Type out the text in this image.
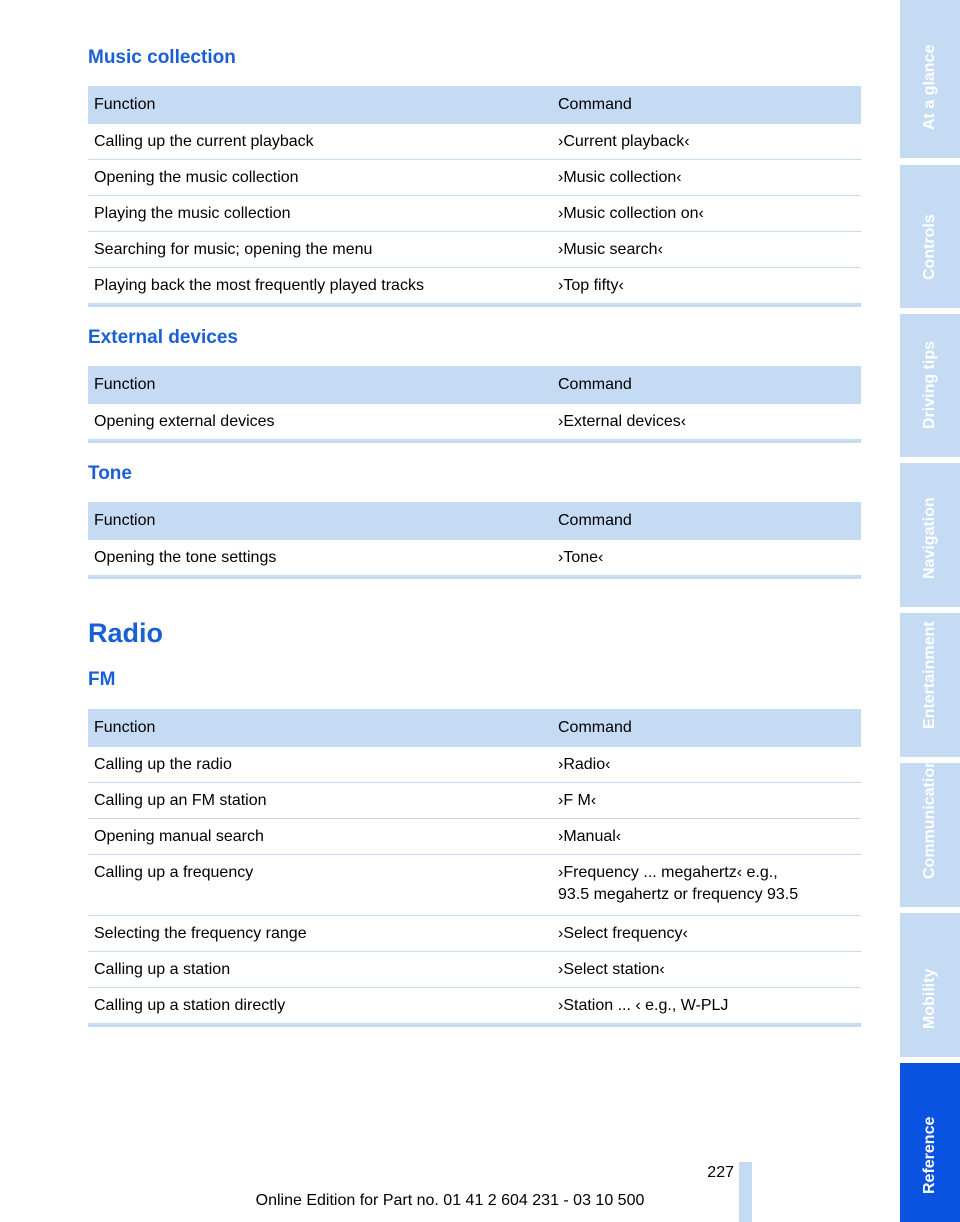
Music collection
Function	Command
Calling up the current playback	›Current playback‹
Opening the music collection	›Music collection‹
Playing the music collection	›Music collection on‹
Searching for music; opening the menu	›Music search‹
Playing back the most frequently played tracks	›Top fifty‹
External devices
Function	Command
Opening external devices	›External devices‹
Tone
Function	Command
Opening the tone settings	›Tone‹
Radio
FM
Function	Command
Calling up the radio	›Radio‹
Calling up an FM station	›F M‹
Opening manual search	›Manual‹
Calling up a frequency	›Frequency ... megahertz‹ e.g.,
93.5 megahertz or frequency 93.5
Selecting the frequency range	›Select frequency‹
Calling up a station	›Select station‹
Calling up a station directly	›Station ... ‹ e.g., W-PLJ
At a glance
Controls
Driving tips
Navigation
Entertainment
Communication
Mobility
Reference
227
Online Edition for Part no. 01 41 2 604 231 - 03 10 500
